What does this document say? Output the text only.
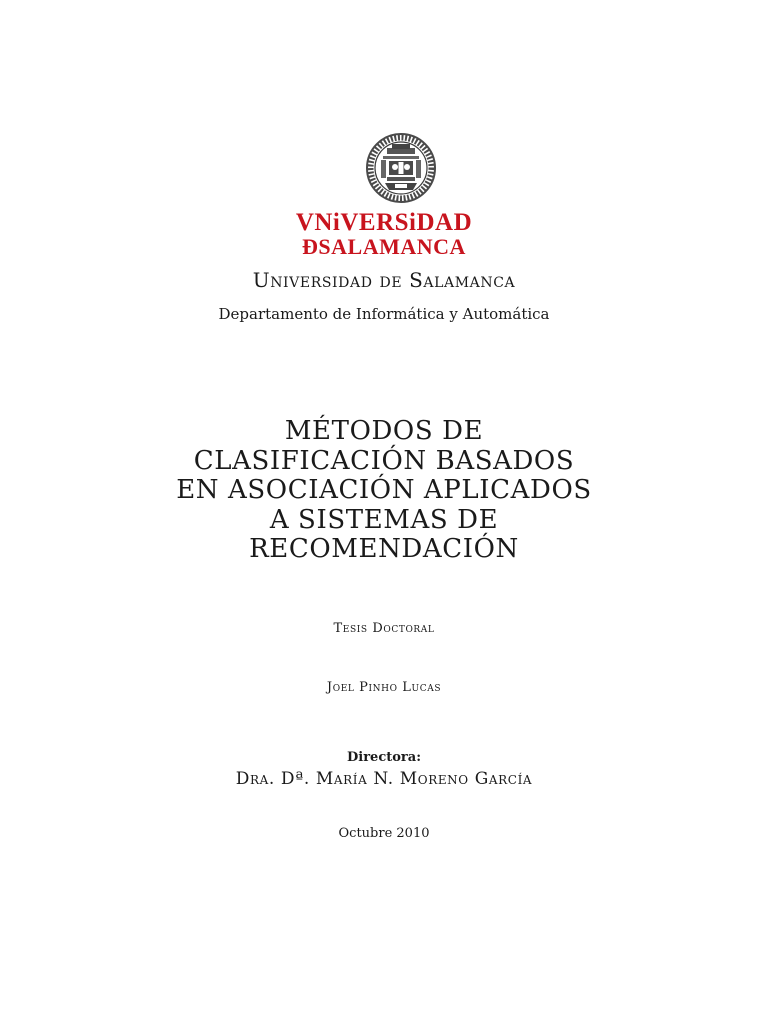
VNiVERSiDAD
ÐSALAMANCA
Universidad de Salamanca
Departamento de Informática y Automática
MÉTODOS DE
CLASIFICACIÓN BASADOS
EN ASOCIACIÓN APLICADOS
A SISTEMAS DE
RECOMENDACIÓN
Tesis Doctoral
Joel Pinho Lucas
Directora:
Dra. Dª. María N. Moreno García
Octubre 2010
